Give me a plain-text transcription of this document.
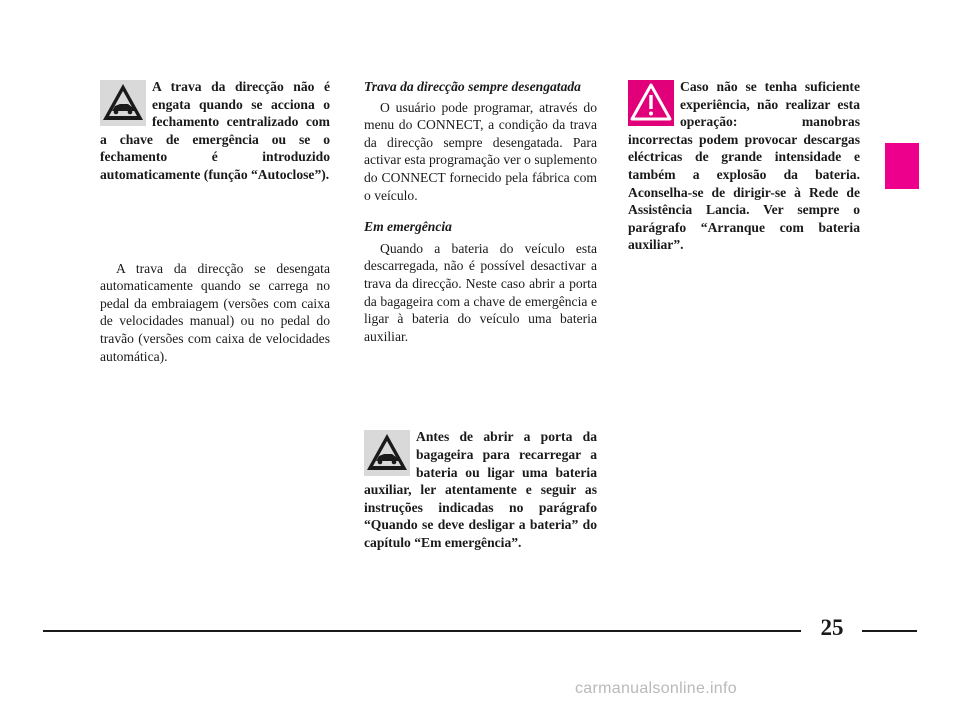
A trava da direcção não é engata quando se acciona o fechamento centralizado com a chave de emergência ou se o fechamento é introduzido automaticamente (função “Autoclose”).

A trava da direcção se desengata automaticamente quando se carrega no pedal da embraiagem (versões com caixa de velocidades manual) ou no pedal do travão (versões com caixa de velocidades automática).

Trava da direcção sempre desengatada

O usuário pode programar, através do menu do CONNECT, a condição da trava da direcção sempre desengatada. Para activar esta programação ver o suplemento do CONNECT fornecido pela fábrica com o veículo.

Em emergência

Quando a bateria do veículo esta descarregada, não é possível desactivar a trava da direcção. Neste caso abrir a porta da bagageira com a chave de emergência e ligar à bateria do veículo uma bateria auxiliar.

Antes de abrir a porta da bagageira para recarregar a bateria ou ligar uma bateria auxiliar, ler atentamente e seguir as instruções indicadas no parágrafo “Quando se deve desligar a bateria” do capítulo “Em emergência”.

Caso não se tenha suficiente experiência, não realizar esta operação: manobras incorrectas podem provocar descargas eléctricas de grande intensidade e também a explosão da bateria. Aconselha-se de dirigir-se à Rede de Assistência Lancia. Ver sempre o parágrafo “Arranque com bateria auxiliar”.

25
carmanualsonline.info
